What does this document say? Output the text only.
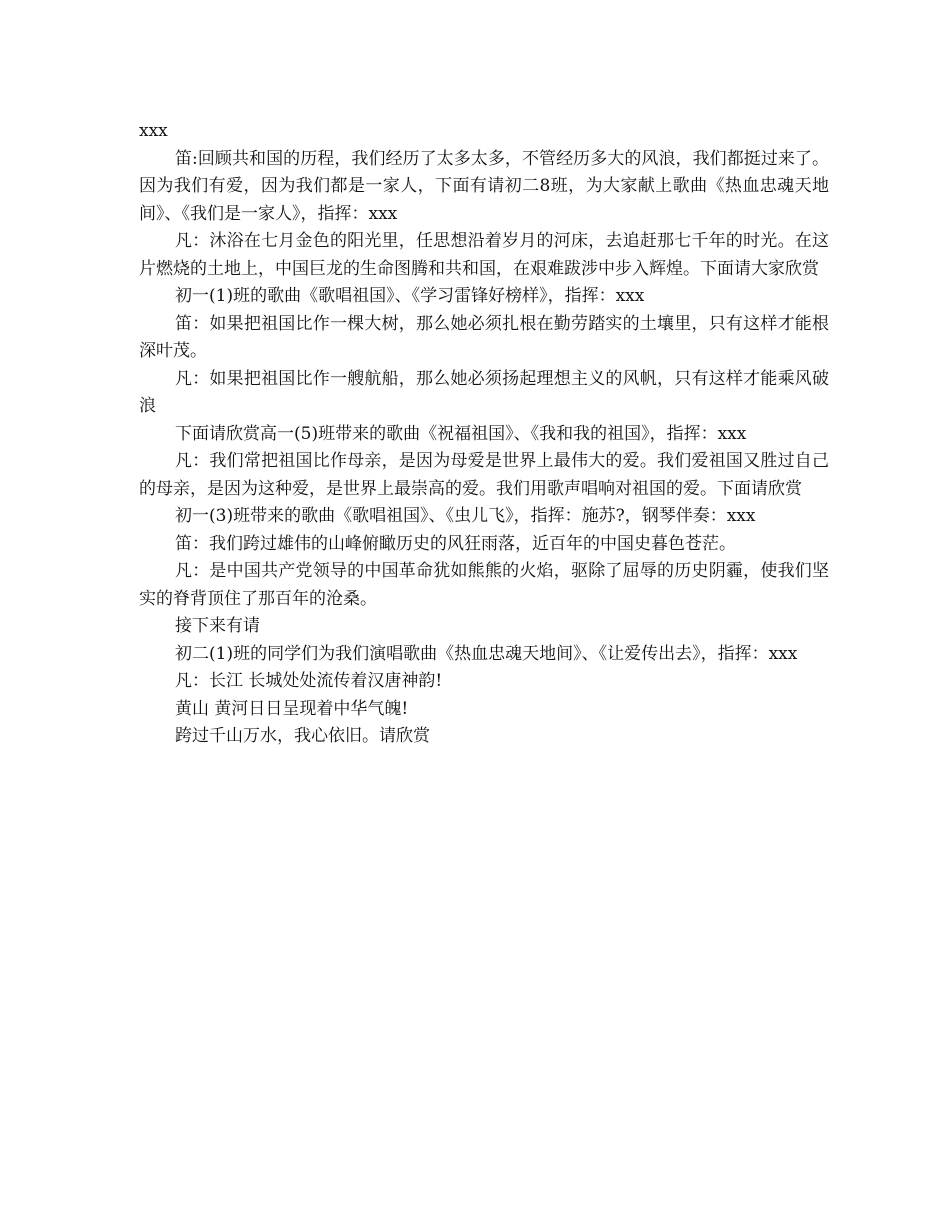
xxx

笛:回顾共和国的历程，我们经历了太多太多，不管经历多大的风浪，我们都挺过来了。因为我们有爱，因为我们都是一家人，下面有请初二8班，为大家献上歌曲《热血忠魂天地间》、《我们是一家人》，指挥：xxx

凡：沐浴在七月金色的阳光里，任思想沿着岁月的河床，去追赶那七千年的时光。在这片燃烧的土地上，中国巨龙的生命图腾和共和国，在艰难跋涉中步入辉煌。下面请大家欣赏

初一(1)班的歌曲《歌唱祖国》、《学习雷锋好榜样》，指挥：xxx

笛：如果把祖国比作一棵大树，那么她必须扎根在勤劳踏实的土壤里，只有这样才能根深叶茂。

凡：如果把祖国比作一艘航船，那么她必须扬起理想主义的风帆，只有这样才能乘风破浪

下面请欣赏高一(5)班带来的歌曲《祝福祖国》、《我和我的祖国》，指挥：xxx

凡：我们常把祖国比作母亲，是因为母爱是世界上最伟大的爱。我们爱祖国又胜过自己的母亲，是因为这种爱，是世界上最崇高的爱。我们用歌声唱响对祖国的爱。下面请欣赏

初一(3)班带来的歌曲《歌唱祖国》、《虫儿飞》，指挥：施苏?，钢琴伴奏：xxx

笛：我们跨过雄伟的山峰俯瞰历史的风狂雨落，近百年的中国史暮色苍茫。

凡：是中国共产党领导的中国革命犹如熊熊的火焰，驱除了屈辱的历史阴霾，使我们坚实的脊背顶住了那百年的沧桑。

接下来有请

初二(1)班的同学们为我们演唱歌曲《热血忠魂天地间》、《让爱传出去》，指挥：xxx

凡：长江 长城处处流传着汉唐神韵!

黄山 黄河日日呈现着中华气魄!

跨过千山万水，我心依旧。请欣赏
